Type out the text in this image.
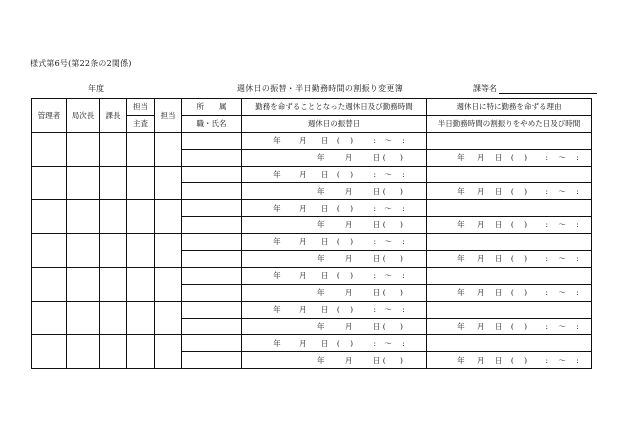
様式第6号(第22条の2関係)
年度	週休日の振替・半日勤務時間の割振り変更簿	課等名
管理者	局次長	課長	担当	担当	所　　属	勤務を命ずることとなった週休日及び勤務時間	週休日に特に勤務を命ずる理由
			主査		職・氏名	週休日の振替日	半日勤務時間の割振りをやめた日及び時間
						年 月 日 ( ) : ～ :	
						年 月 日 ( )	年 月 日 ( ) : ～ :
						年 月 日 ( ) : ～ :	
						年 月 日 ( )	年 月 日 ( ) : ～ :
						年 月 日 ( ) : ～ :	
						年 月 日 ( )	年 月 日 ( ) : ～ :
						年 月 日 ( ) : ～ :	
						年 月 日 ( )	年 月 日 ( ) : ～ :
						年 月 日 ( ) : ～ :	
						年 月 日 ( )	年 月 日 ( ) : ～ :
						年 月 日 ( ) : ～ :	
						年 月 日 ( )	年 月 日 ( ) : ～ :
						年 月 日 ( ) : ～ :	
						年 月 日 ( )	年 月 日 ( ) : ～ :
